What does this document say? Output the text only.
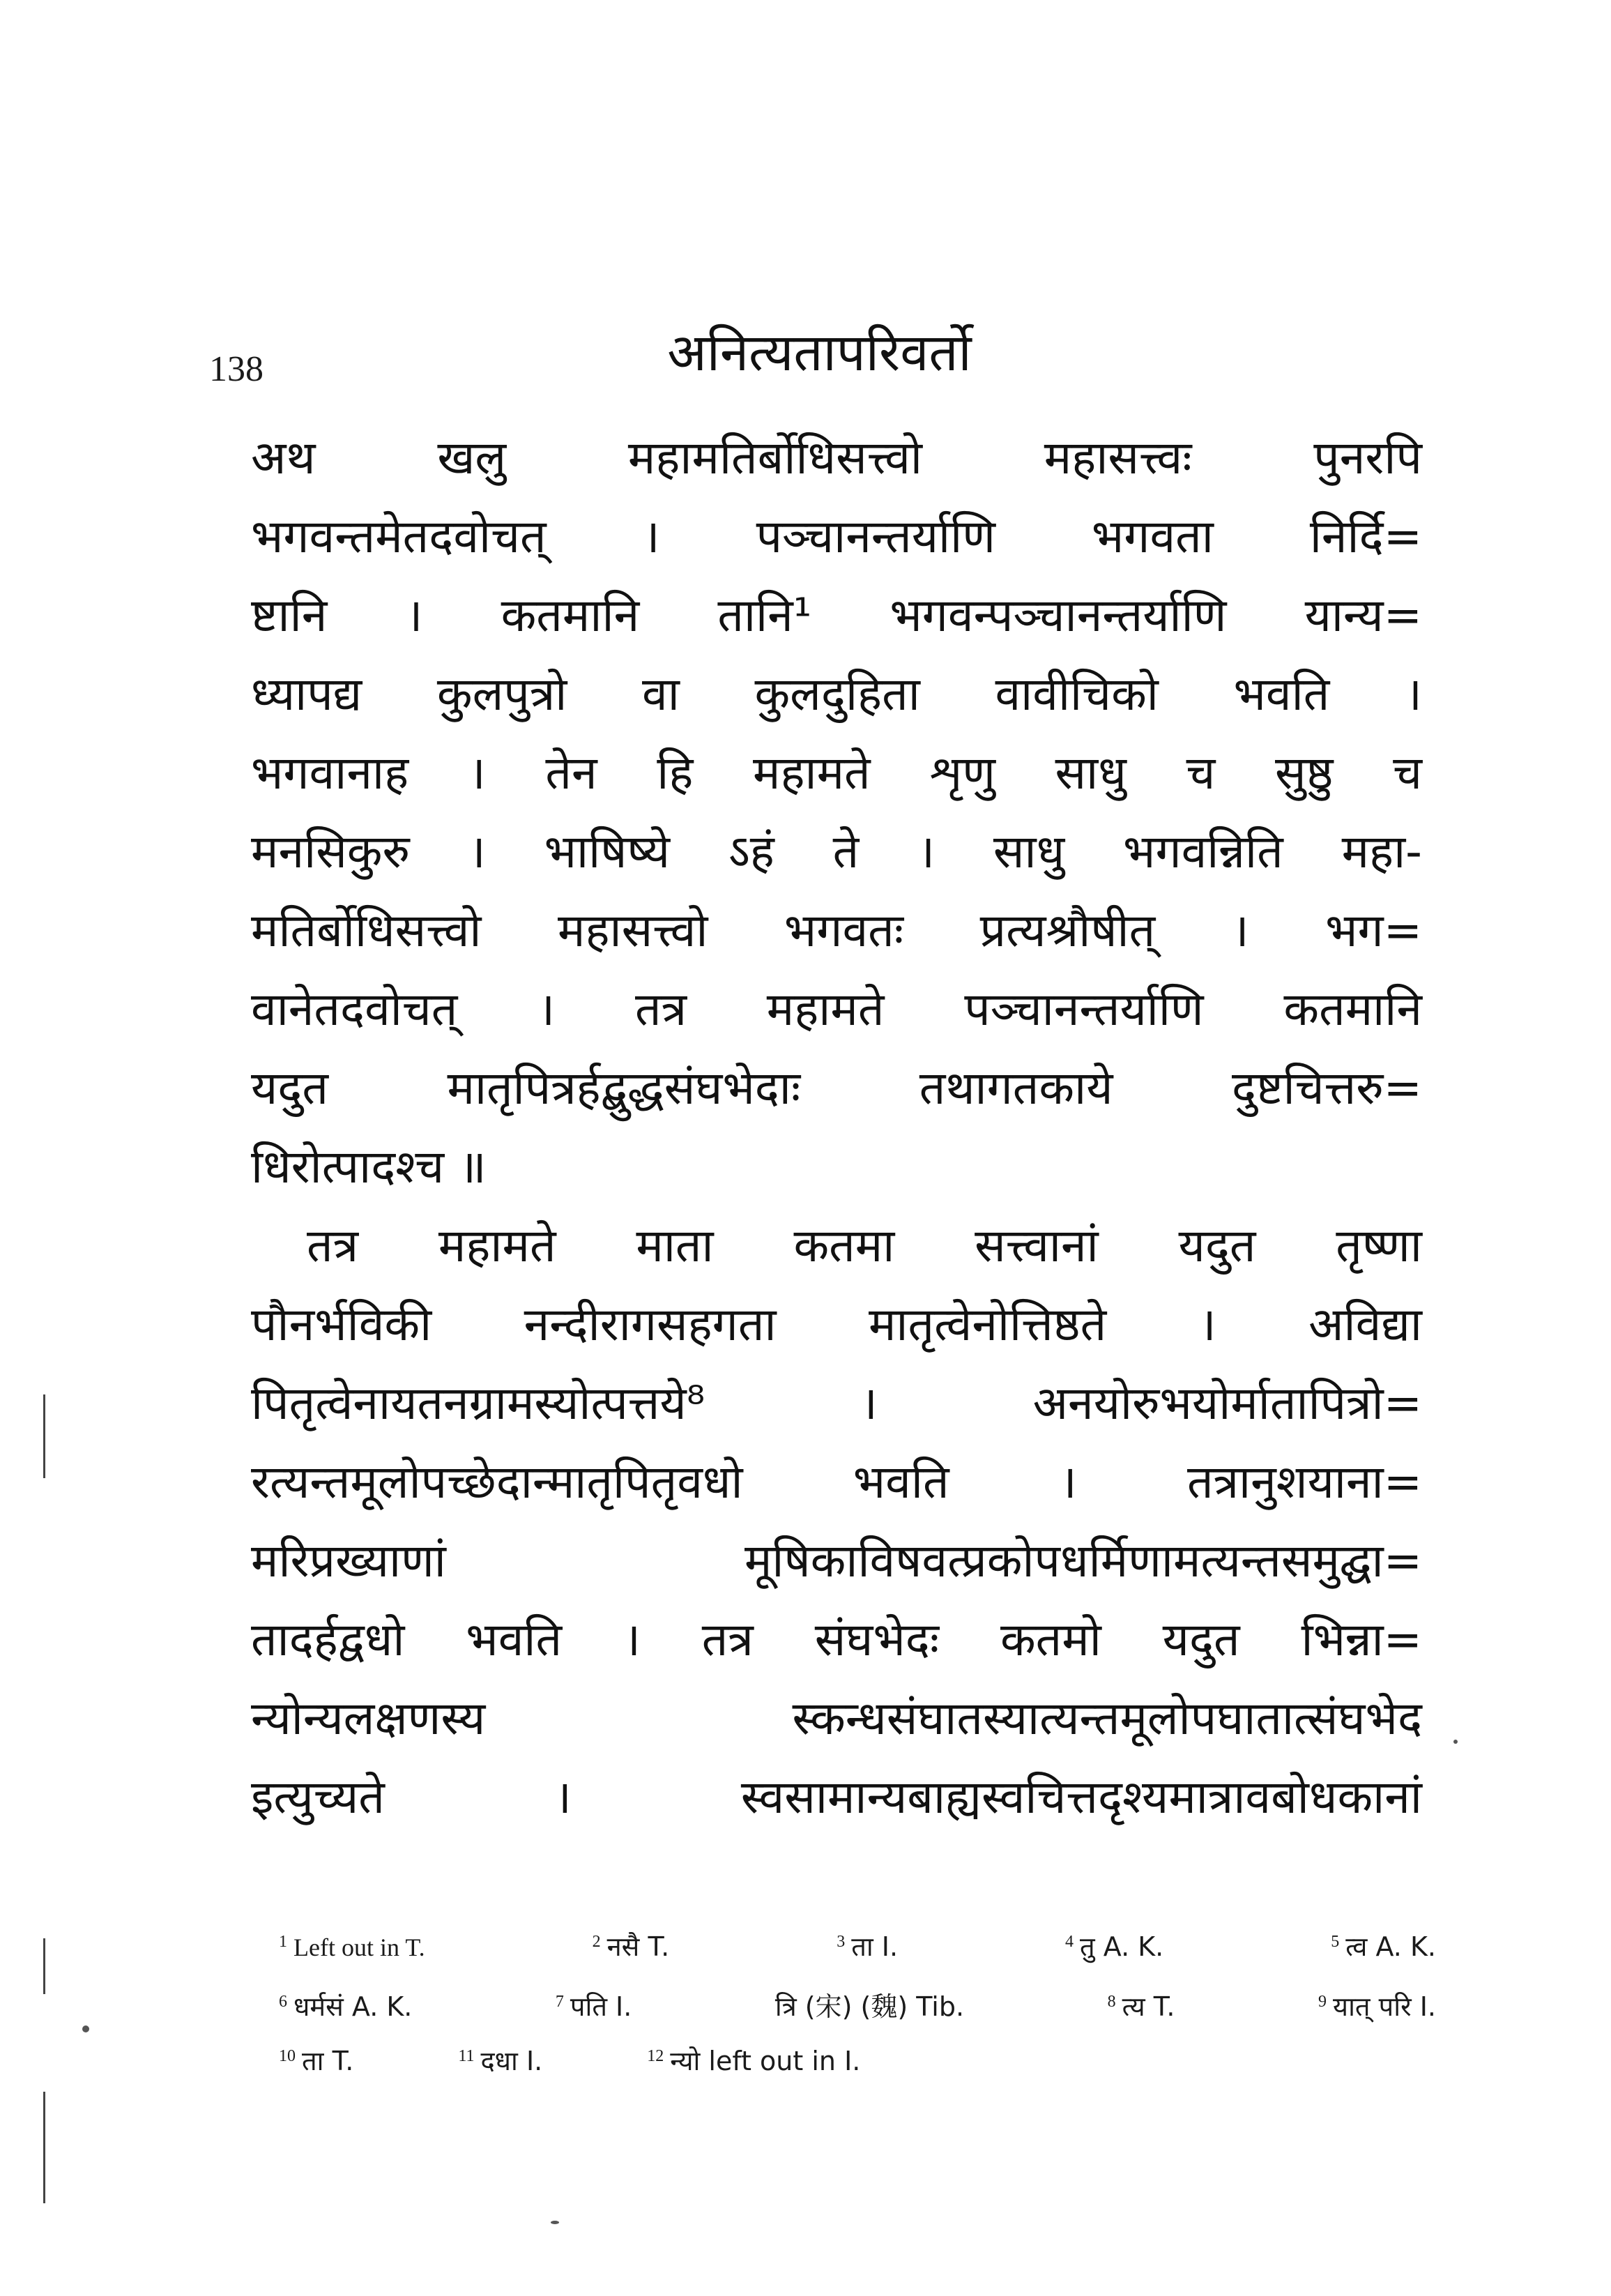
138	अनित्यतापरिवर्तो
अथ खलु महामतिर्बोधिसत्त्वो महासत्त्वः पुनरपि
भगवन्तमेतदवोचत् । पञ्चानन्तर्याणि भगवता निर्दि=
ष्टानि । कतमानि तानि¹ भगवन्पञ्चानन्तर्याणि यान्य=
ध्यापद्य कुलपुत्रो वा कुलदुहिता वावीचिको भवति ।
भगवानाह । तेन हि महामते शृणु साधु च सुष्ठु च
मनसिकुरु । भाषिष्ये ऽहं ते । साधु भगवन्निति महा-
मतिर्बोधिसत्त्वो महासत्त्वो भगवतः प्रत्यश्रौषीत् । भग=
वानेतदवोचत् । तत्र महामते पञ्चानन्तर्याणि कतमानि
यदुत मातृपित्रर्हद्बुद्धसंघभेदाः तथागतकाये दुष्टचित्तरु=
धिरोत्पादश्च ॥
तत्र महामते माता कतमा सत्त्वानां यदुत तृष्णा
पौनर्भविकी नन्दीरागसहगता मातृत्वेनोत्तिष्ठते । अविद्या
पितृत्वेनायतनग्रामस्योत्पत्तये⁸ । अनयोरुभयोर्मातापित्रो=
रत्यन्तमूलोपच्छेदान्मातृपितृवधो भवति । तत्रानुशयाना=
मरिप्रख्याणां मूषिकाविषवत्प्रकोपधर्मिणामत्यन्तसमुद्घा=
तादर्हद्वधो भवति । तत्र संघभेदः कतमो यदुत भिन्ना=
न्योन्यलक्षणस्य स्कन्धसंघातस्यात्यन्तमूलोपघातात्संघभेद
इत्युच्यते । स्वसामान्यबाह्यस्वचित्तदृश्यमात्रावबोधकानां
$^1$ Left out in T.	$^2$ नसै T.	$^3$ ता I.	$^4$ तु A. K.	$^5$ त्व A. K.
$^6$ धर्मसं A. K.	$^7$ पति I.	त्रि (宋) (魏) Tib.	$^8$ त्य T.	$^9$ यात् परि I.
$^{10}$ ता T.	$^{11}$ दधा I.	$^{12}$ न्यो left out in I.
